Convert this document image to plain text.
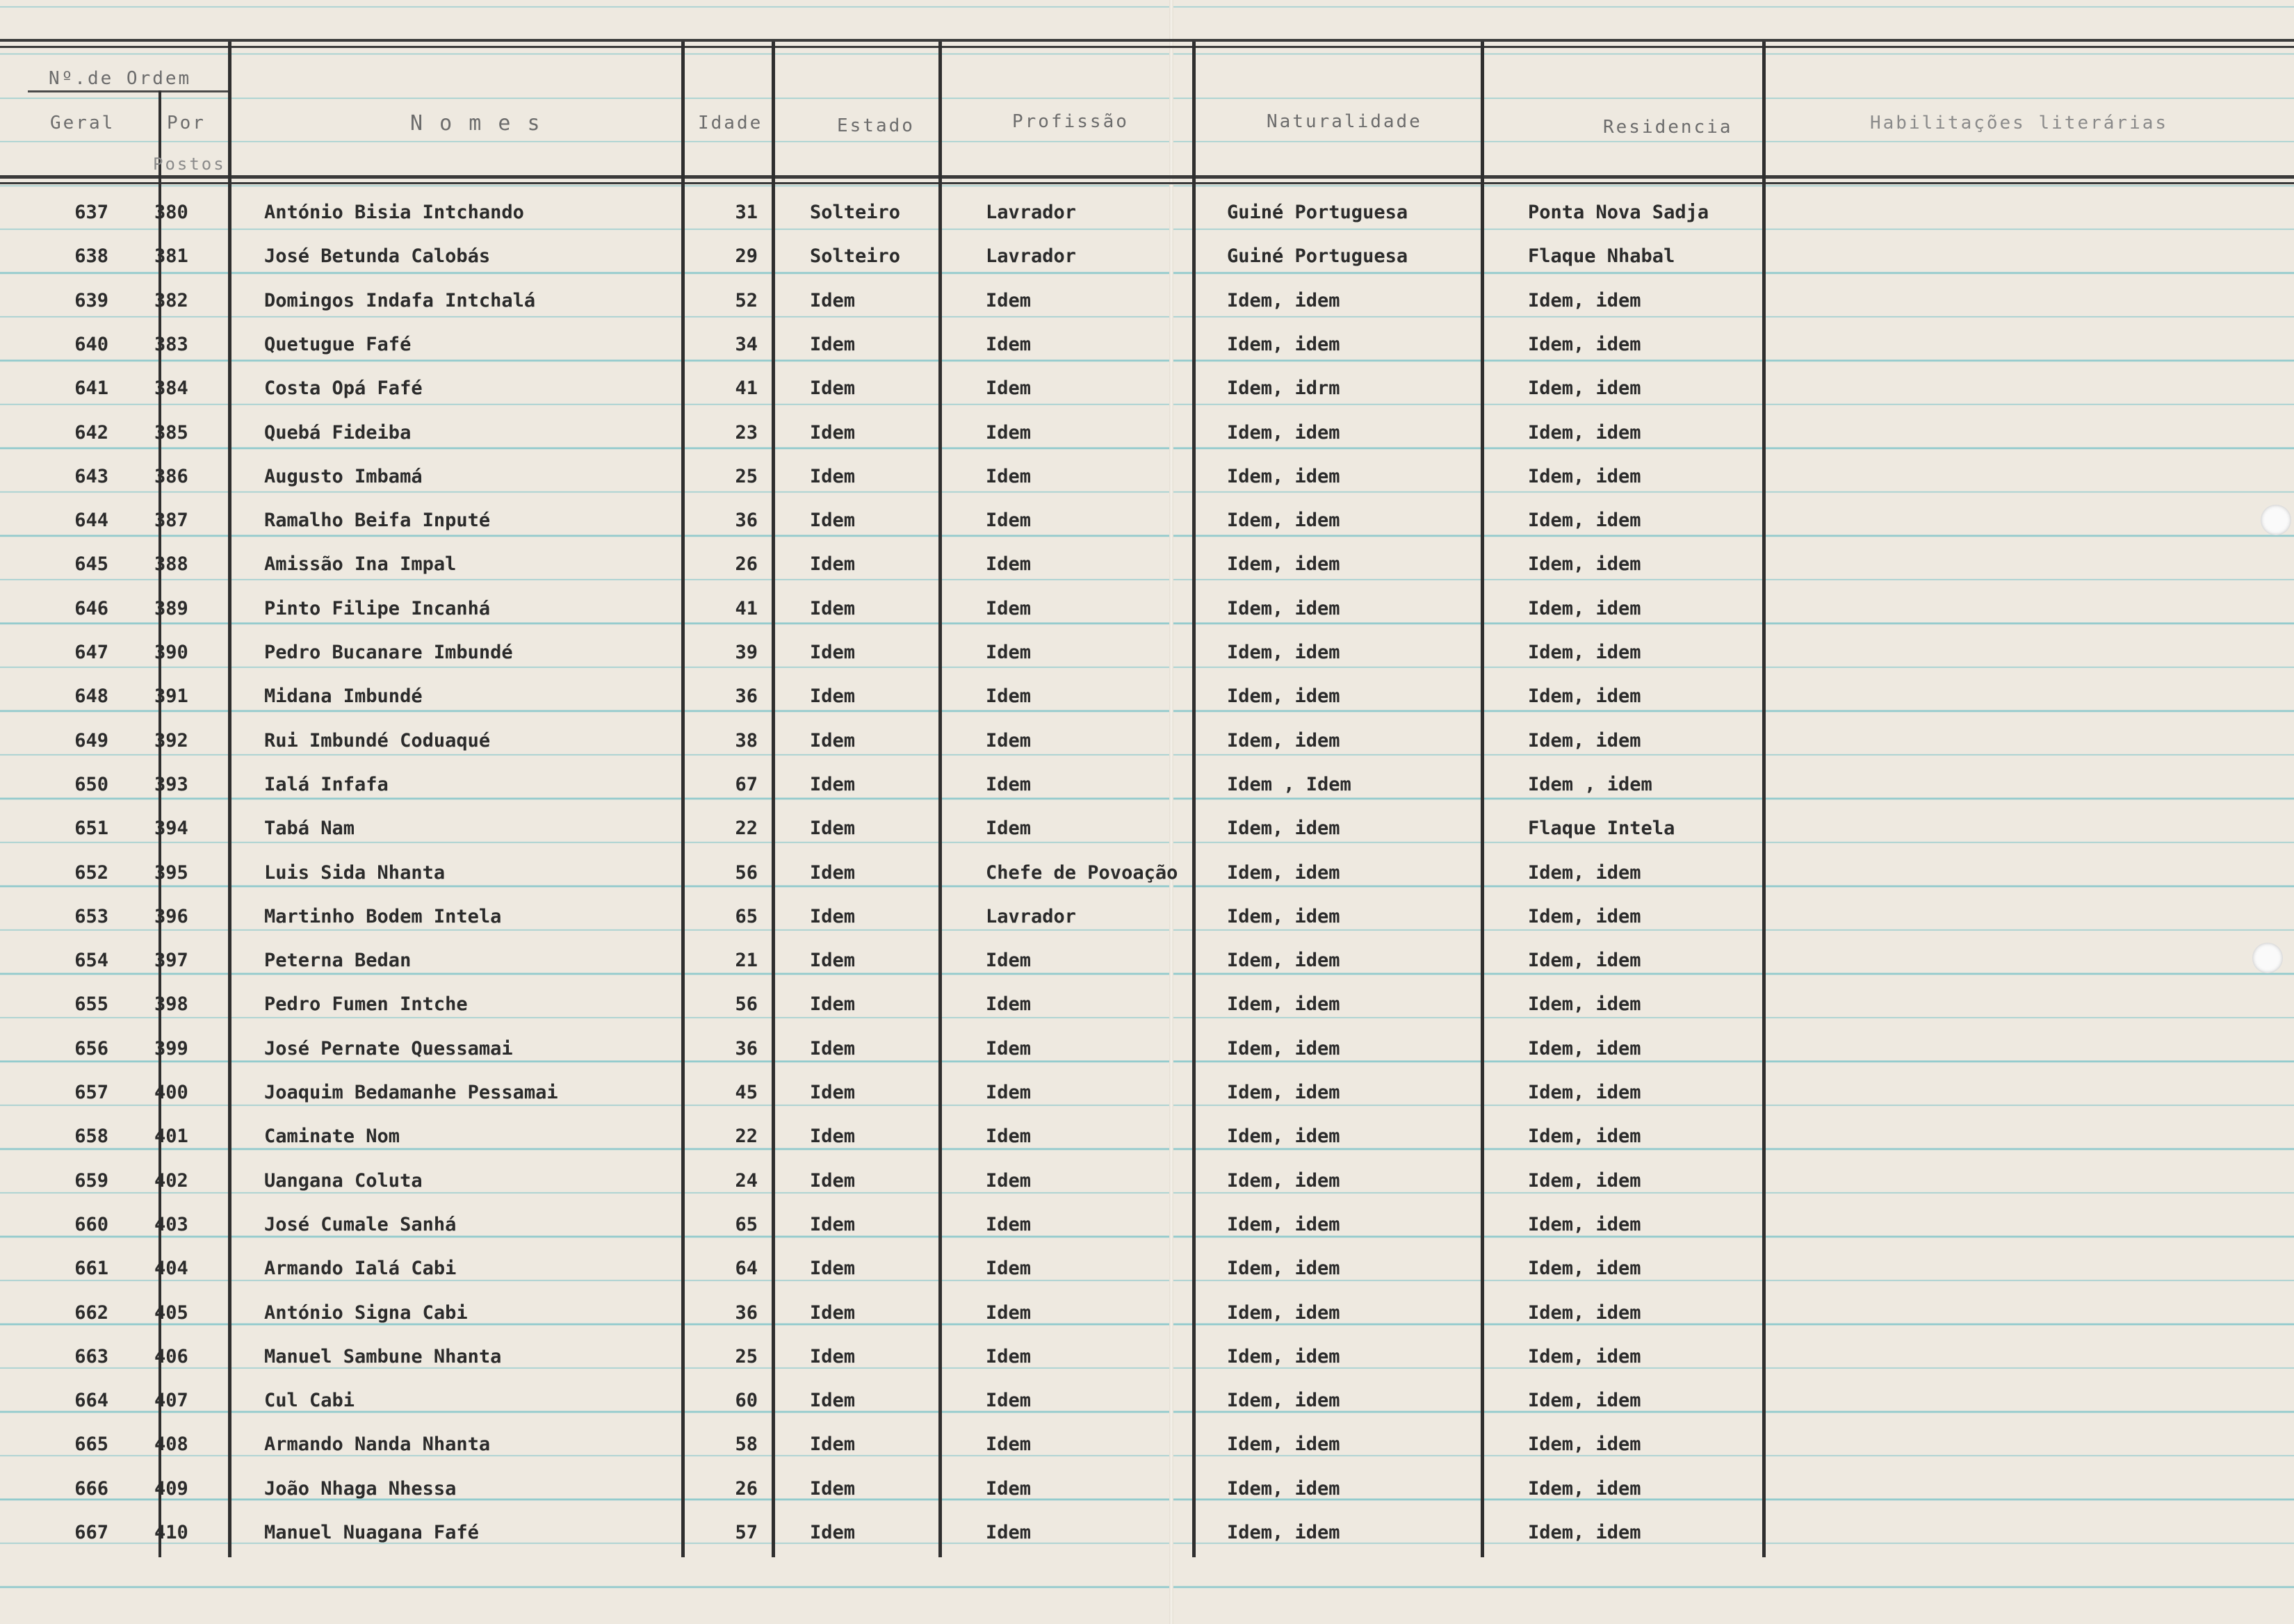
Nº.de Ordem
Geral	Por
Postos
N o m e s	Idade	Estado	Profissão	Naturalidade	Residencia	Habilitações literárias
637 380	António Bisia Intchando	31	Solteiro	Lavrador	Guiné Portuguesa	Ponta Nova Sadja
638 381	José Betunda Calobás	29	Solteiro	Lavrador	Guiné Portuguesa	Flaque Nhabal
639 382	Domingos Indafa Intchalá	52	Idem	Idem	Idem, idem	Idem, idem
640 383	Quetugue Fafé	34	Idem	Idem	Idem, idem	Idem, idem
641 384	Costa Opá Fafé	41	Idem	Idem	Idem, idrm	Idem, idem
642 385	Quebá Fideiba	23	Idem	Idem	Idem, idem	Idem, idem
643 386	Augusto Imbamá	25	Idem	Idem	Idem, idem	Idem, idem
644 387	Ramalho Beifa Inputé	36	Idem	Idem	Idem, idem	Idem, idem
645 388	Amissão Ina Impal	26	Idem	Idem	Idem, idem	Idem, idem
646 389	Pinto Filipe Incanhá	41	Idem	Idem	Idem, idem	Idem, idem
647 390	Pedro Bucanare Imbundé	39	Idem	Idem	Idem, idem	Idem, idem
648 391	Midana Imbundé	36	Idem	Idem	Idem, idem	Idem, idem
649 392	Rui Imbundé Coduaqué	38	Idem	Idem	Idem, idem	Idem, idem
650 393	Ialá Infafa	67	Idem	Idem	Idem , Idem	Idem , idem
651 394	Tabá Nam	22	Idem	Idem	Idem, idem	Flaque Intela
652 395	Luis Sida Nhanta	56	Idem	Chefe de Povoação	Idem, idem	Idem, idem
653 396	Martinho Bodem Intela	65	Idem	Lavrador	Idem, idem	Idem, idem
654 397	Peterna Bedan	21	Idem	Idem	Idem, idem	Idem, idem
655 398	Pedro Fumen Intche	56	Idem	Idem	Idem, idem	Idem, idem
656 399	José Pernate Quessamai	36	Idem	Idem	Idem, idem	Idem, idem
657 400	Joaquim Bedamanhe Pessamai	45	Idem	Idem	Idem, idem	Idem, idem
658 401	Caminate Nom	22	Idem	Idem	Idem, idem	Idem, idem
659 402	Uangana Coluta	24	Idem	Idem	Idem, idem	Idem, idem
660 403	José Cumale Sanhá	65	Idem	Idem	Idem, idem	Idem, idem
661 404	Armando Ialá Cabi	64	Idem	Idem	Idem, idem	Idem, idem
662 405	António Signa Cabi	36	Idem	Idem	Idem, idem	Idem, idem
663 406	Manuel Sambune Nhanta	25	Idem	Idem	Idem, idem	Idem, idem
664 407	Cul Cabi	60	Idem	Idem	Idem, idem	Idem, idem
665 408	Armando Nanda Nhanta	58	Idem	Idem	Idem, idem	Idem, idem
666 409	João Nhaga Nhessa	26	Idem	Idem	Idem, idem	Idem, idem
667 410	Manuel Nuagana Fafé	57	Idem	Idem	Idem, idem	Idem, idem
